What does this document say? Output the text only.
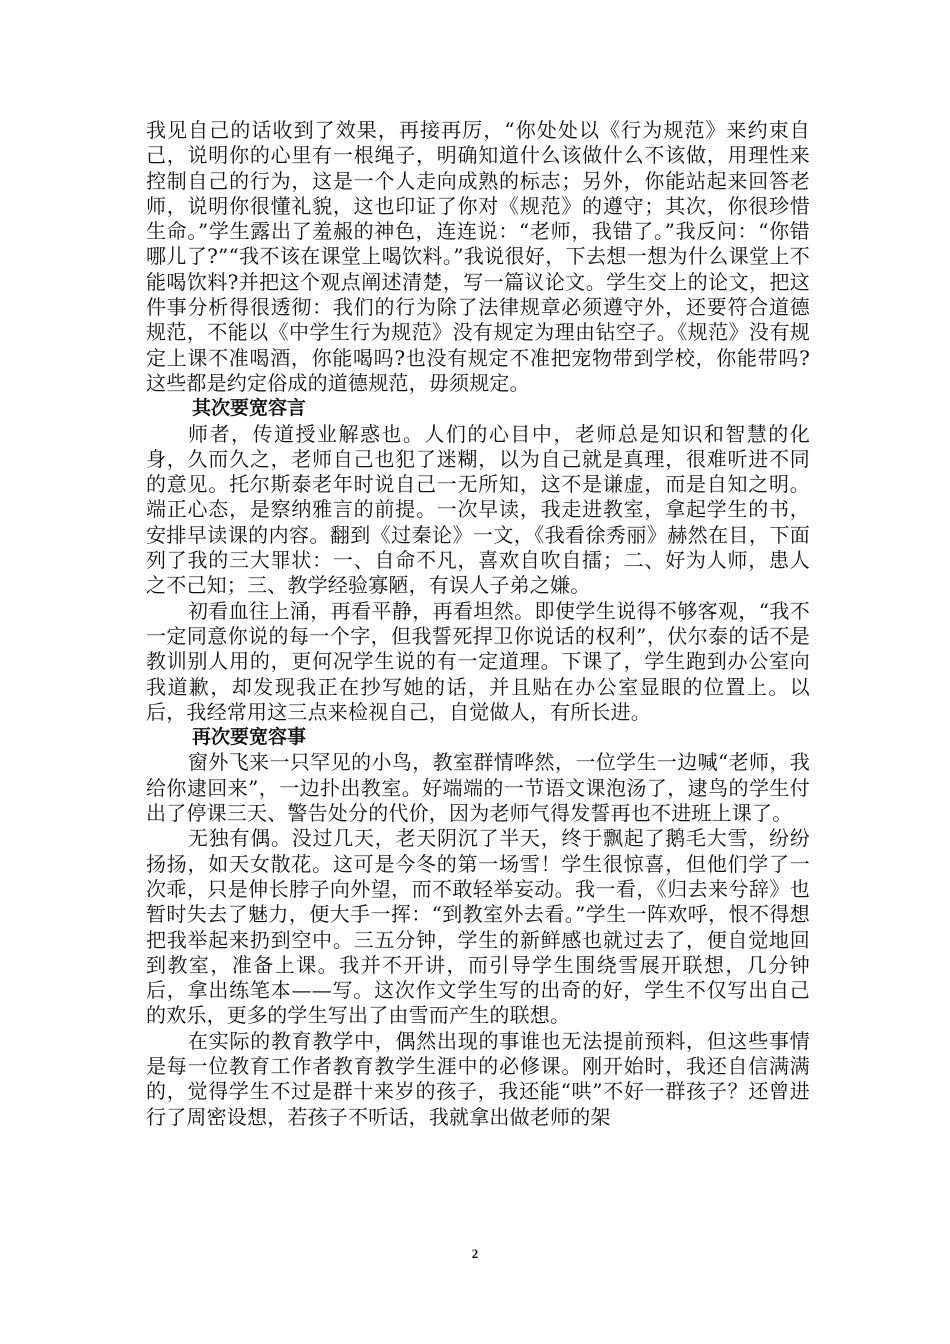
我见自己的话收到了效果，再接再厉，“你处处以《行为规范》来约束自己，说明你的心里有一根绳子，明确知道什么该做什么不该做，用理性来控制自己的行为，这是一个人走向成熟的标志；另外，你能站起来回答老师，说明你很懂礼貌，这也印证了你对《规范》的遵守；其次，你很珍惜生命。”学生露出了羞赧的神色，连连说：“老师，我错了。”我反问：“你错哪儿了?”“我不该在课堂上喝饮料。”我说很好，下去想一想为什么课堂上不能喝饮料?并把这个观点阐述清楚，写一篇议论文。学生交上的论文，把这件事分析得很透彻：我们的行为除了法律规章必须遵守外，还要符合道德规范，不能以《中学生行为规范》没有规定为理由钻空子。《规范》没有规定上课不准喝酒，你能喝吗?也没有规定不准把宠物带到学校，你能带吗?这些都是约定俗成的道德规范，毋须规定。

其次要宽容言

师者，传道授业解惑也。人们的心目中，老师总是知识和智慧的化身，久而久之，老师自己也犯了迷糊，以为自己就是真理，很难听进不同的意见。托尔斯泰老年时说自己一无所知，这不是谦虚，而是自知之明。端正心态，是察纳雅言的前提。一次早读，我走进教室，拿起学生的书，安排早读课的内容。翻到《过秦论》一文，《我看徐秀丽》赫然在目，下面列了我的三大罪状：一、自命不凡，喜欢自吹自擂；二、好为人师，患人之不己知；三、教学经验寡陋，有误人子弟之嫌。

初看血往上涌，再看平静，再看坦然。即使学生说得不够客观，“我不一定同意你说的每一个字，但我誓死捍卫你说话的权利”，伏尔泰的话不是教训别人用的，更何况学生说的有一定道理。下课了，学生跑到办公室向我道歉，却发现我正在抄写她的话，并且贴在办公室显眼的位置上。以后，我经常用这三点来检视自己，自觉做人，有所长进。

再次要宽容事

窗外飞来一只罕见的小鸟，教室群情哗然，一位学生一边喊“老师，我给你逮回来”，一边扑出教室。好端端的一节语文课泡汤了，逮鸟的学生付出了停课三天、警告处分的代价，因为老师气得发誓再也不进班上课了。

无独有偶。没过几天，老天阴沉了半天，终于飘起了鹅毛大雪，纷纷扬扬，如天女散花。这可是今冬的第一场雪！学生很惊喜，但他们学了一次乖，只是伸长脖子向外望，而不敢轻举妄动。我一看，《归去来兮辞》也暂时失去了魅力，便大手一挥：“到教室外去看。”学生一阵欢呼，恨不得想把我举起来扔到空中。三五分钟，学生的新鲜感也就过去了，便自觉地回到教室，准备上课。我并不开讲，而引导学生围绕雪展开联想，几分钟后，拿出练笔本——写。这次作文学生写的出奇的好，学生不仅写出自己的欢乐，更多的学生写出了由雪而产生的联想。

在实际的教育教学中，偶然出现的事谁也无法提前预料，但这些事情是每一位教育工作者教育教学生涯中的必修课。刚开始时，我还自信满满的，觉得学生不过是群十来岁的孩子，我还能“哄”不好一群孩子？还曾进行了周密设想，若孩子不听话，我就拿出做老师的架

2
